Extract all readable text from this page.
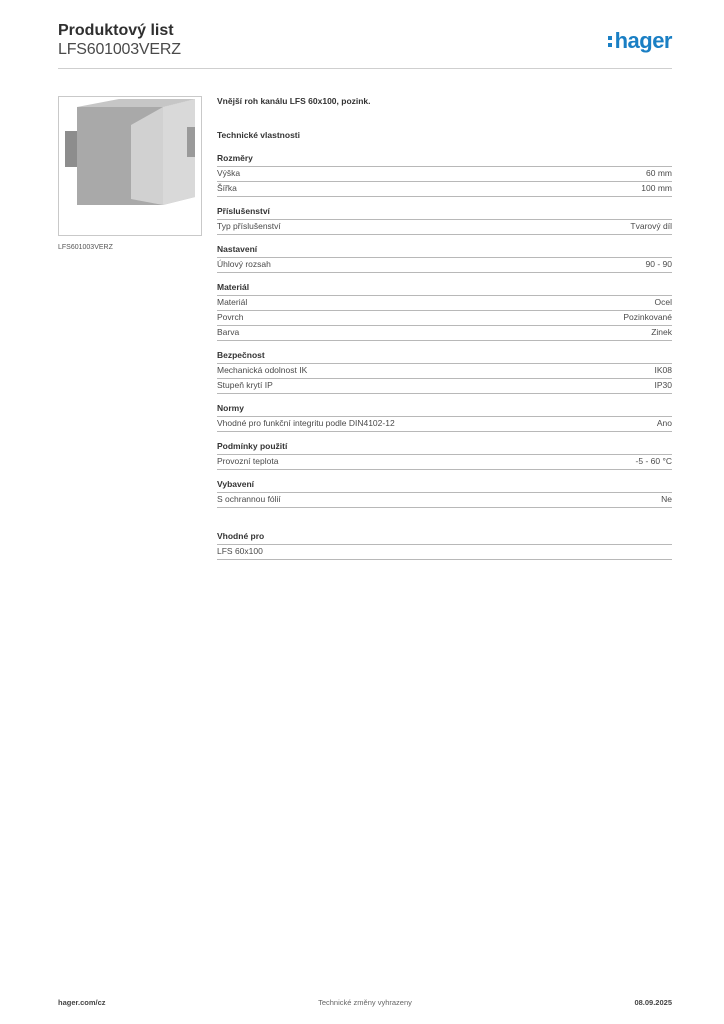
Produktový list
LFS601003VERZ	hager
LFS601003VERZ
Vnější roh kanálu LFS 60x100, pozink.
Technické vlastnosti
Rozměry
Výška	60 mm
Šířka	100 mm
Příslušenství
Typ příslušenství	Tvarový díl
Nastavení
Úhlový rozsah	90 - 90
Materiál
Materiál	Ocel
Povrch	Pozinkované
Barva	Zinek
Bezpečnost
Mechanická odolnost IK	IK08
Stupeň krytí IP	IP30
Normy
Vhodné pro funkční integritu podle DIN4102-12	Ano
Podmínky použití
Provozní teplota	-5 - 60 °C
Vybavení
S ochrannou fólií	Ne
Vhodné pro
LFS 60x100
hager.com/cz	Technické změny vyhrazeny	08.09.2025
